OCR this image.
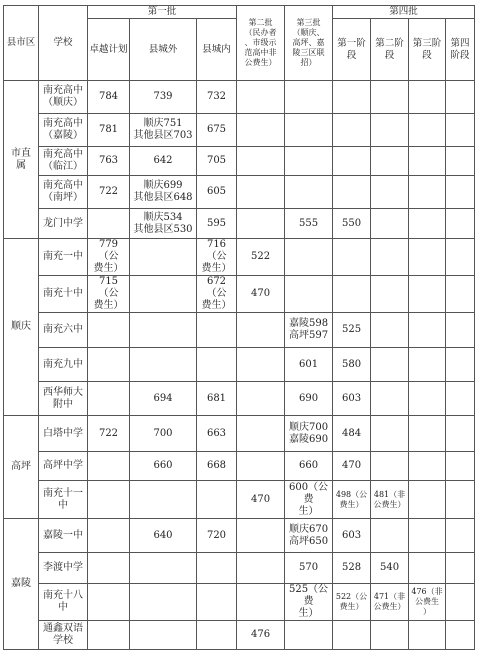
县市区	学校	第一批			第二批
（民办者
、市级示
范高中非
公费生）	第三批
（顺庆、
高坪、嘉
陵三区联
招）	第四批			
		卓越计划	县城外	县城内			第一阶
段	第二阶
段	第三阶
段	第四
阶段
市直
属	南充高中
（顺庆）	784	739	732						
	南充高中
（嘉陵）	781	顺庆751
其他县区703	675						
	南充高中
（临江）	763	642	705						
	南充高中
（南坪）	722	顺庆699
其他县区648	605						
	龙门中学		顺庆534
其他县区530	595		555	550			
顺庆	南充一中	779（公
费生）		716（公
费生）	522					
	南充十中	715（公
费生）		672（公
费生）	470					
	南充六中					嘉陵598
高坪597	525			
	南充九中					601	580			
	西华师大
附中		694	681		690	603			
高坪	白塔中学	722	700	663		顺庆700
嘉陵690	484			
	高坪中学		660	668		660	470			
	南充十一
中				470	600（公费
生）	498（公
费生）	481（非
公费生）		
嘉陵	嘉陵一中		640	720		顺庆670
高坪650	603			
	李渡中学					570	528	540		
	南充十八
中					525（公费
生）	522（公
费生）	471（非
公费生）	476（非
公费生
）	
	通鑫双语
学校				476					
